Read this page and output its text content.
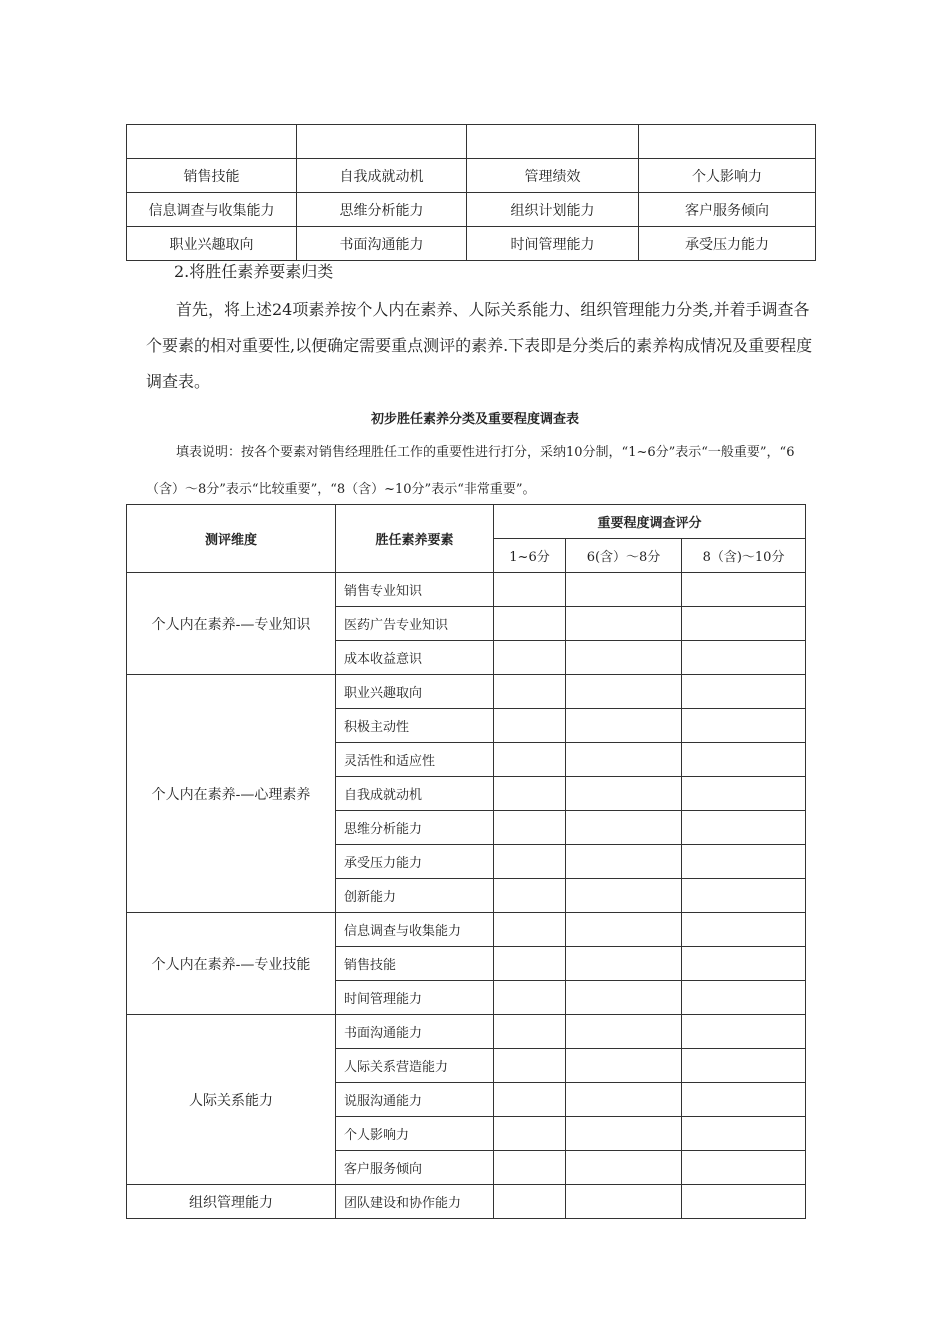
销售技能	自我成就动机	管理绩效	个人影响力
信息调查与收集能力	思维分析能力	组织计划能力	客户服务倾向
职业兴趣取向	书面沟通能力	时间管理能力	承受压力能力
2.将胜任素养要素归类
首先，将上述24项素养按个人内在素养、人际关系能力、组织管理能力分类,并着手调查各个要素的相对重要性,以便确定需要重点测评的素养.下表即是分类后的素养构成情况及重要程度调查表。
初步胜任素养分类及重要程度调查表
填表说明：按各个要素对销售经理胜任工作的重要性进行打分，采纳10分制，“1~6分”表示“一般重要”，“6（含）～8分”表示“比较重要”，“8（含）~10分”表示“非常重要”。
测评维度	胜任素养要素	重要程度调查评分		
		1~6分	6(含）～8分	8（含)～10分
个人内在素养-—专业知识	销售专业知识			
	医药广告专业知识			
	成本收益意识			
个人内在素养-—心理素养	职业兴趣取向			
	积极主动性			
	灵活性和适应性			
	自我成就动机			
	思维分析能力			
	承受压力能力			
	创新能力			
个人内在素养-—专业技能	信息调查与收集能力			
	销售技能			
	时间管理能力			
人际关系能力	书面沟通能力			
	人际关系营造能力			
	说服沟通能力			
	个人影响力			
	客户服务倾向			
组织管理能力	团队建设和协作能力			
